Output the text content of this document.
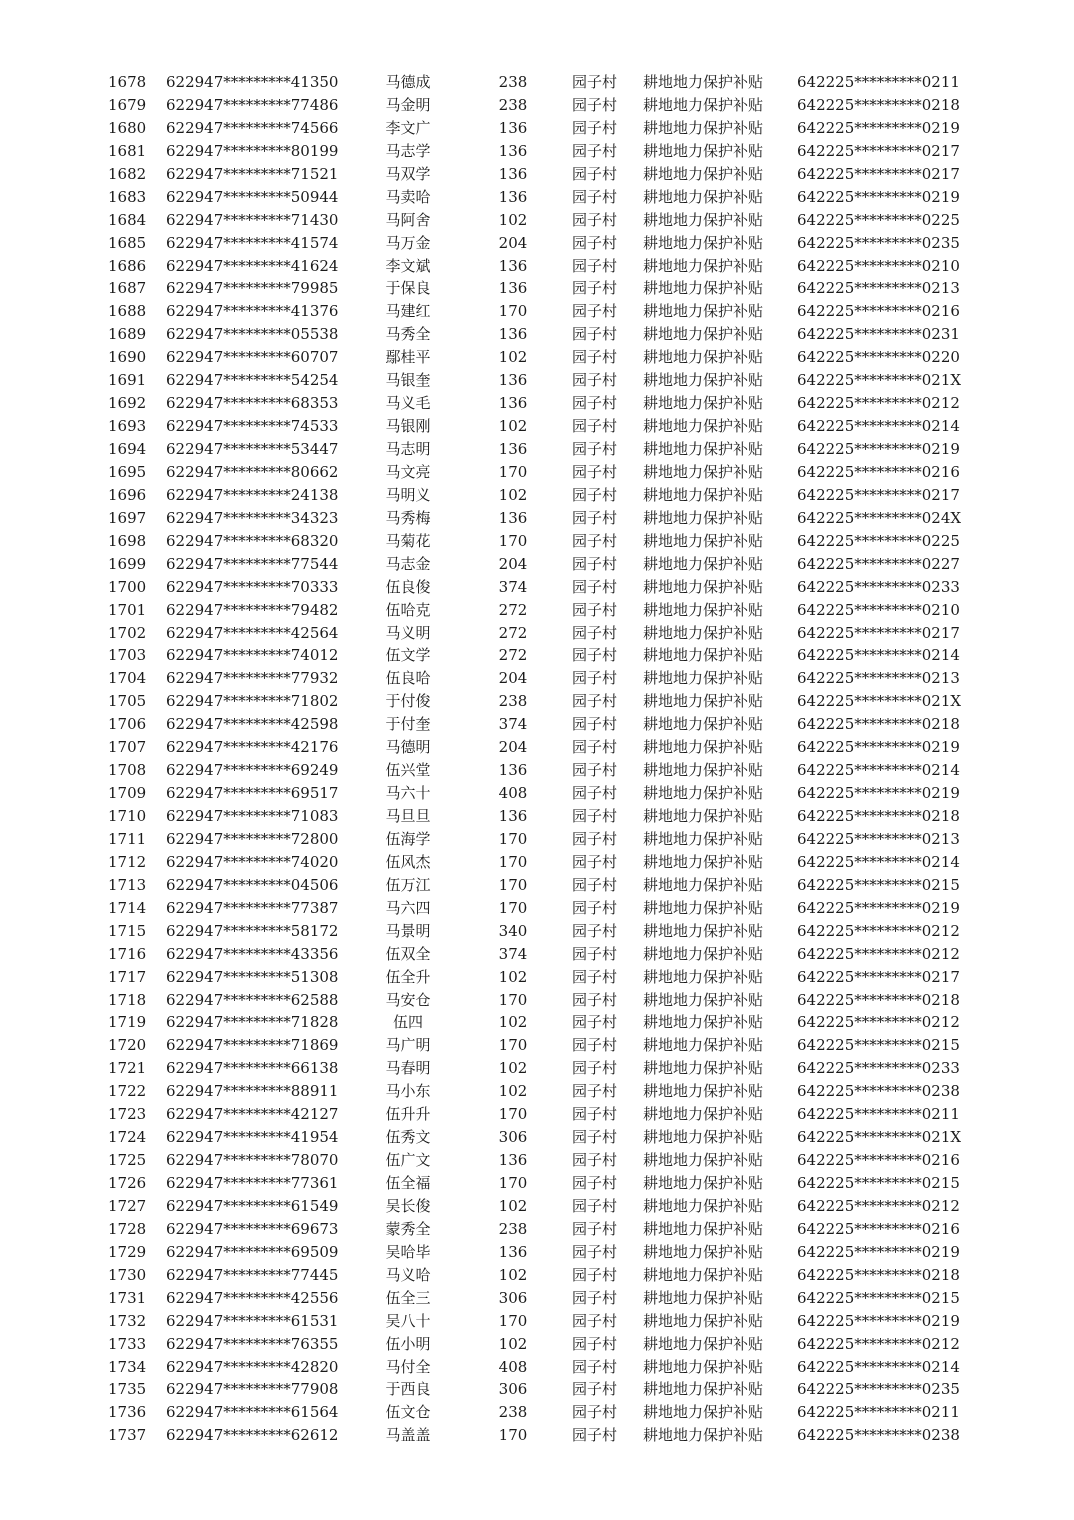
1678 622947*********41350	马德成	238	园子村 耕地地力保护补贴 642225*********0211
1679 622947*********77486	马金明	238	园子村 耕地地力保护补贴 642225*********0218
1680 622947*********74566	李文广	136	园子村 耕地地力保护补贴 642225*********0219
1681 622947*********80199	马志学	136	园子村 耕地地力保护补贴 642225*********0217
1682 622947*********71521	马双学	136	园子村 耕地地力保护补贴 642225*********0217
1683 622947*********50944	马卖哈	136	园子村 耕地地力保护补贴 642225*********0219
1684 622947*********71430	马阿舍	102	园子村 耕地地力保护补贴 642225*********0225
1685 622947*********41574	马万金	204	园子村 耕地地力保护补贴 642225*********0235
1686 622947*********41624	李文斌	136	园子村 耕地地力保护补贴 642225*********0210
1687 622947*********79985	于保良	136	园子村 耕地地力保护补贴 642225*********0213
1688 622947*********41376	马建红	170	园子村 耕地地力保护补贴 642225*********0216
1689 622947*********05538	马秀全	136	园子村 耕地地力保护补贴 642225*********0231
1690 622947*********60707	鄢桂平	102	园子村 耕地地力保护补贴 642225*********0220
1691 622947*********54254	马银奎	136	园子村 耕地地力保护补贴 642225*********021X
1692 622947*********68353	马义毛	136	园子村 耕地地力保护补贴 642225*********0212
1693 622947*********74533	马银刚	102	园子村 耕地地力保护补贴 642225*********0214
1694 622947*********53447	马志明	136	园子村 耕地地力保护补贴 642225*********0219
1695 622947*********80662	马文亮	170	园子村 耕地地力保护补贴 642225*********0216
1696 622947*********24138	马明义	102	园子村 耕地地力保护补贴 642225*********0217
1697 622947*********34323	马秀梅	136	园子村 耕地地力保护补贴 642225*********024X
1698 622947*********68320	马菊花	170	园子村 耕地地力保护补贴 642225*********0225
1699 622947*********77544	马志金	204	园子村 耕地地力保护补贴 642225*********0227
1700 622947*********70333	伍良俊	374	园子村 耕地地力保护补贴 642225*********0233
1701 622947*********79482	伍哈克	272	园子村 耕地地力保护补贴 642225*********0210
1702 622947*********42564	马义明	272	园子村 耕地地力保护补贴 642225*********0217
1703 622947*********74012	伍文学	272	园子村 耕地地力保护补贴 642225*********0214
1704 622947*********77932	伍良哈	204	园子村 耕地地力保护补贴 642225*********0213
1705 622947*********71802	于付俊	238	园子村 耕地地力保护补贴 642225*********021X
1706 622947*********42598	于付奎	374	园子村 耕地地力保护补贴 642225*********0218
1707 622947*********42176	马德明	204	园子村 耕地地力保护补贴 642225*********0219
1708 622947*********69249	伍兴堂	136	园子村 耕地地力保护补贴 642225*********0214
1709 622947*********69517	马六十	408	园子村 耕地地力保护补贴 642225*********0219
1710 622947*********71083	马旦旦	136	园子村 耕地地力保护补贴 642225*********0218
1711 622947*********72800	伍海学	170	园子村 耕地地力保护补贴 642225*********0213
1712 622947*********74020	伍风杰	170	园子村 耕地地力保护补贴 642225*********0214
1713 622947*********04506	伍万江	170	园子村 耕地地力保护补贴 642225*********0215
1714 622947*********77387	马六四	170	园子村 耕地地力保护补贴 642225*********0219
1715 622947*********58172	马景明	340	园子村 耕地地力保护补贴 642225*********0212
1716 622947*********43356	伍双全	374	园子村 耕地地力保护补贴 642225*********0212
1717 622947*********51308	伍全升	102	园子村 耕地地力保护补贴 642225*********0217
1718 622947*********62588	马安仓	170	园子村 耕地地力保护补贴 642225*********0218
1719 622947*********71828	伍四	102	园子村 耕地地力保护补贴 642225*********0212
1720 622947*********71869	马广明	170	园子村 耕地地力保护补贴 642225*********0215
1721 622947*********66138	马春明	102	园子村 耕地地力保护补贴 642225*********0233
1722 622947*********88911	马小东	102	园子村 耕地地力保护补贴 642225*********0238
1723 622947*********42127	伍升升	170	园子村 耕地地力保护补贴 642225*********0211
1724 622947*********41954	伍秀文	306	园子村 耕地地力保护补贴 642225*********021X
1725 622947*********78070	伍广文	136	园子村 耕地地力保护补贴 642225*********0216
1726 622947*********77361	伍全福	170	园子村 耕地地力保护补贴 642225*********0215
1727 622947*********61549	吴长俊	102	园子村 耕地地力保护补贴 642225*********0212
1728 622947*********69673	蒙秀全	238	园子村 耕地地力保护补贴 642225*********0216
1729 622947*********69509	吴哈毕	136	园子村 耕地地力保护补贴 642225*********0219
1730 622947*********77445	马义哈	102	园子村 耕地地力保护补贴 642225*********0218
1731 622947*********42556	伍全三	306	园子村 耕地地力保护补贴 642225*********0215
1732 622947*********61531	吴八十	170	园子村 耕地地力保护补贴 642225*********0219
1733 622947*********76355	伍小明	102	园子村 耕地地力保护补贴 642225*********0212
1734 622947*********42820	马付全	408	园子村 耕地地力保护补贴 642225*********0214
1735 622947*********77908	于西良	306	园子村 耕地地力保护补贴 642225*********0235
1736 622947*********61564	伍文仓	238	园子村 耕地地力保护补贴 642225*********0211
1737 622947*********62612	马盖盖	170	园子村 耕地地力保护补贴 642225*********0238
